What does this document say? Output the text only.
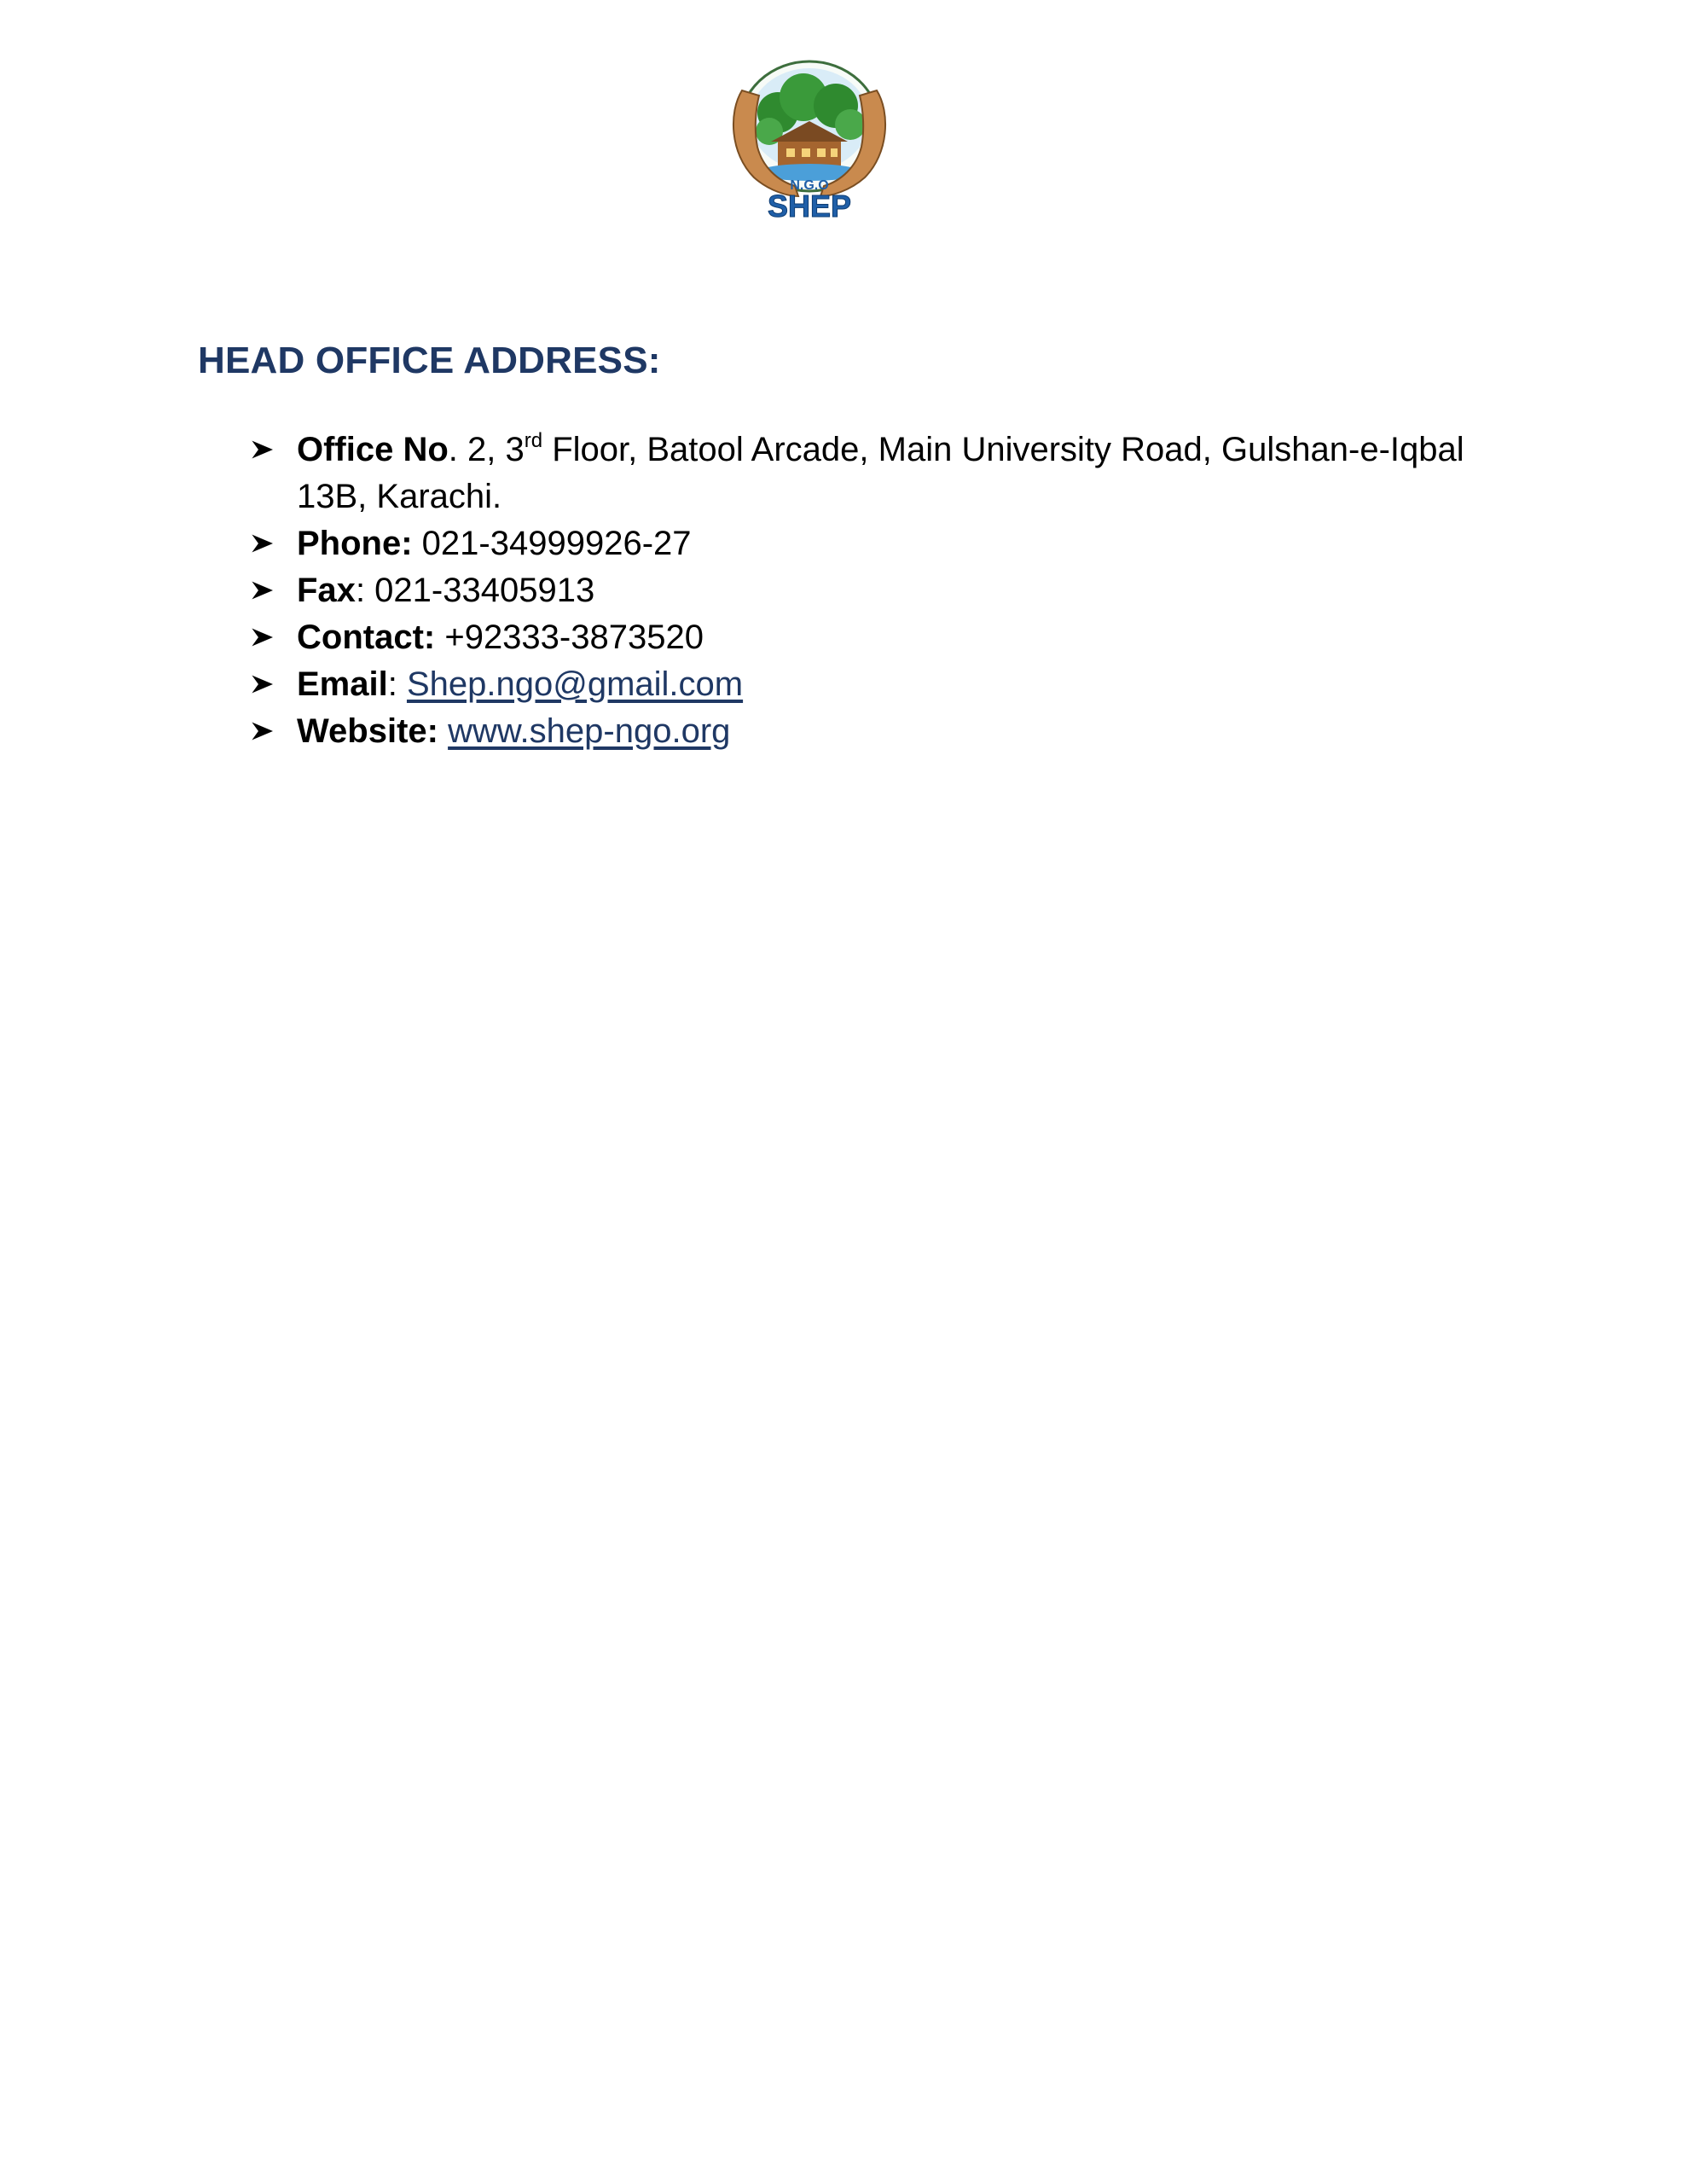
N.G.O
SHEP
HEAD OFFICE ADDRESS:
Office No. 2, 3rd Floor, Batool Arcade, Main University Road, Gulshan-e-Iqbal 13B, Karachi.
Phone: 021-34999926-27
Fax: 021-33405913
Contact: +92333-3873520
Email: Shep.ngo@gmail.com
Website: www.shep-ngo.org
